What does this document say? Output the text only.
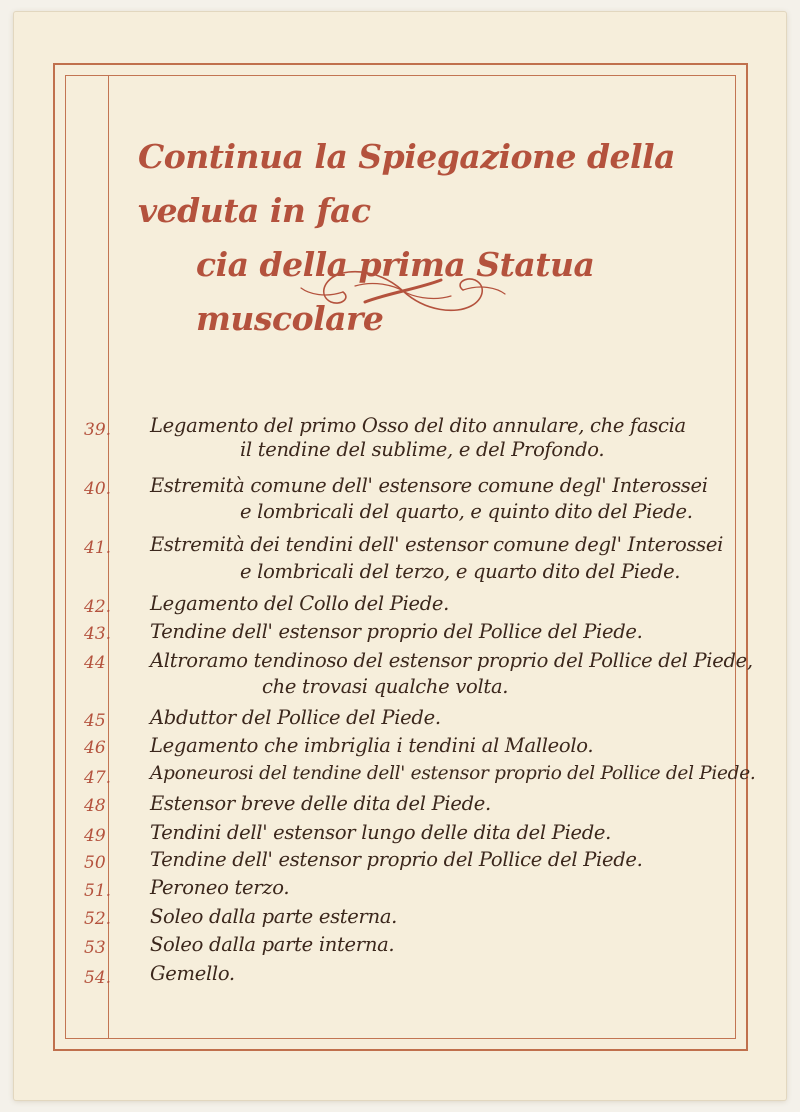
Continua la Spiegazione della veduta in fac
cia della prima Statua muscolare
39.	Legamento del primo Osso del dito annulare, che fascia
il tendine del sublime, e del Profondo.
40.	Estremità comune dell' estensore comune degl' Interossei
e lombricali del quarto, e quinto dito del Piede.
41.	Estremità dei tendini dell' estensor comune degl' Interossei
e lombricali del terzo, e quarto dito del Piede.
42.	Legamento del Collo del Piede.
43.	Tendine dell' estensor proprio del Pollice del Piede.
44	Altroramo tendinoso del estensor proprio del Pollice del Piede,
che trovasi qualche volta.
45	Abduttor del Pollice del Piede.
46	Legamento che imbriglia i tendini al Malleolo.
47.	Aponeurosi del tendine dell' estensor proprio del Pollice del Piede.
48	Estensor breve delle dita del Piede.
49	Tendini dell' estensor lungo delle dita del Piede.
50	Tendine dell' estensor proprio del Pollice del Piede.
51.	Peroneo terzo.
52.	Soleo dalla parte esterna.
53	Soleo dalla parte interna.
54.	Gemello.
